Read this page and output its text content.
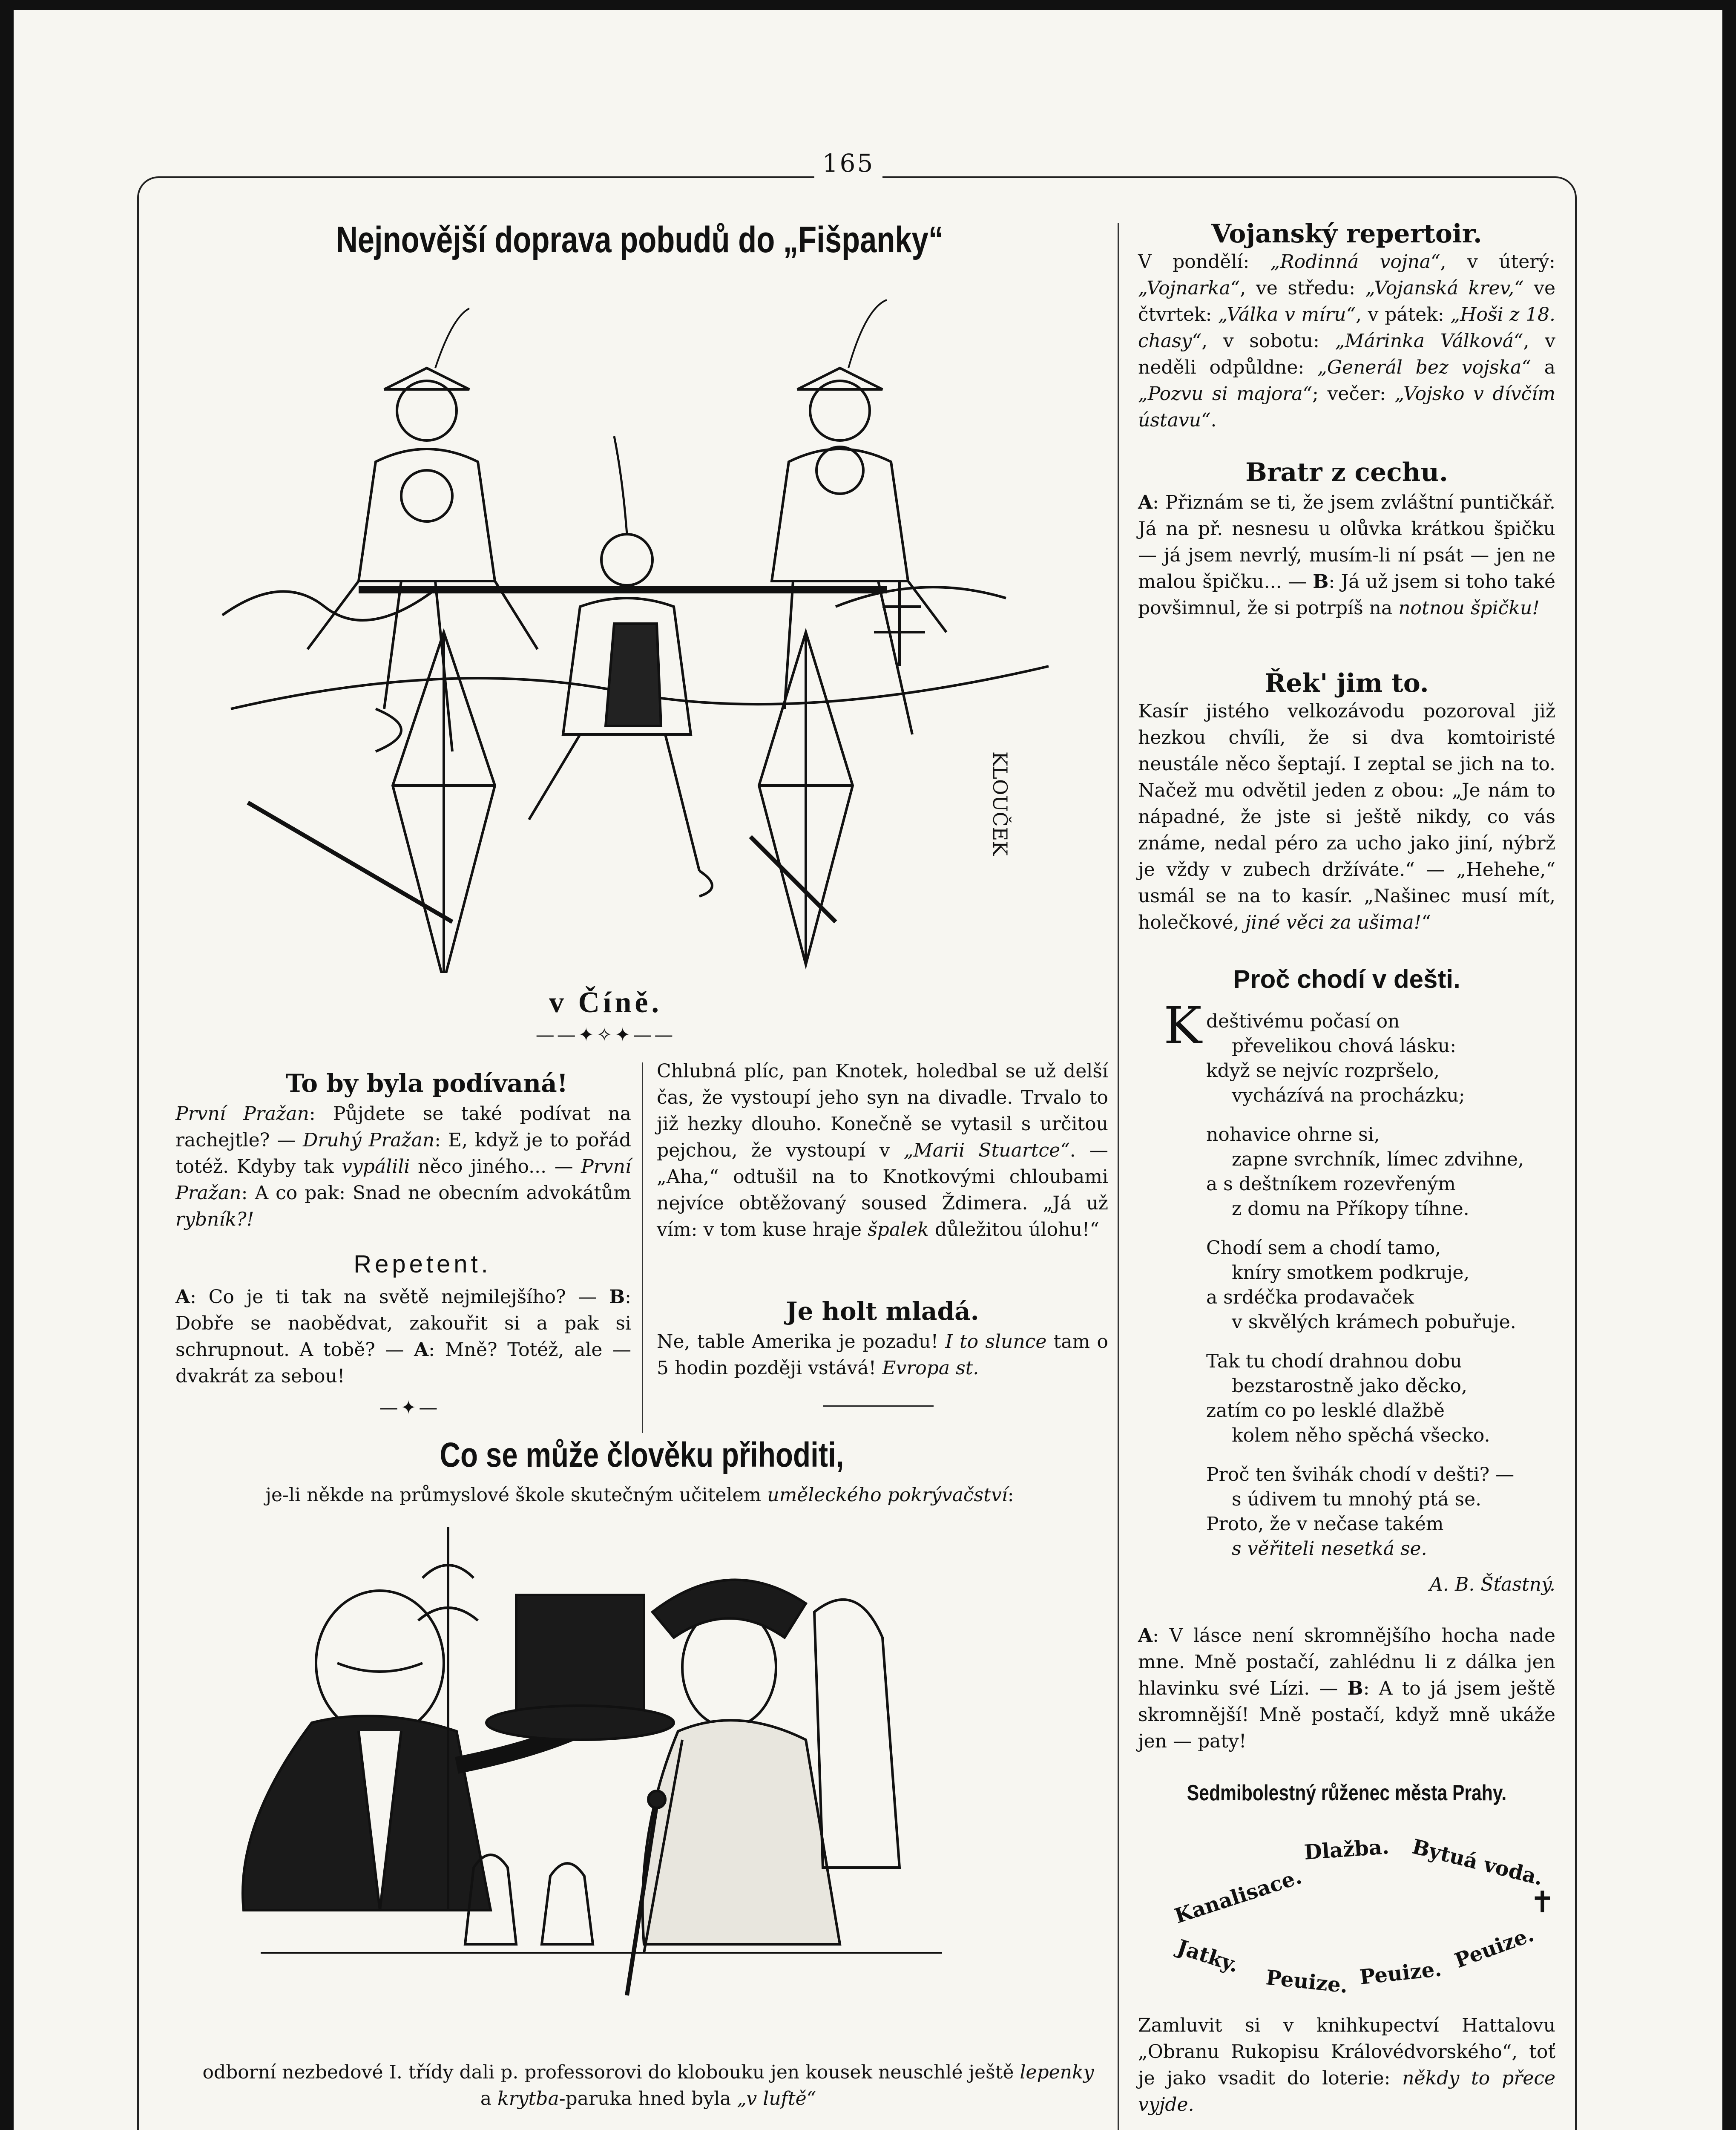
165
Nejnovější doprava pobudů do „Fišpanky“
KLOUČEK
v Číně.
——✦✧✦——
To by byla podívaná!
První Pražan: Půjdete se také podívat na rachejtle? — Druhý Pražan: E, když je to pořád totéž. Kdyby tak vypálili něco jiného... — První Pražan: A co pak: Snad ne obecním advokátům rybník?!
Repetent.
A: Co je ti tak na světě nejmilejšího? — B: Dobře se naobědvat, zakouřit si a pak si schrupnout. A tobě? — A: Mně? Totéž, ale — dvakrát za sebou!
—✦—
Chlubná plíc, pan Knotek, holedbal se už delší čas, že vystoupí jeho syn na divadle. Trvalo to již hezky dlouho. Konečně se vytasil s určitou pejchou, že vystoupí v „Marii Stuartce“. — „Aha,“ odtušil na to Knotkovými chloubami nejvíce obtěžovaný soused Ždimera. „Já už vím: v tom kuse hraje špalek důležitou úlohu!“
Je holt mladá.
Ne, table Amerika je pozadu! I to slunce tam o 5 hodin později vstává! Evropa st.
Co se může člověku přihoditi,
je-li někde na průmyslové škole skutečným učitelem uměleckého pokrývačství:
odborní nezbedové I. třídy dali p. professorovi do klobouku jen kousek neuschlé ještě lepenky a krytba-paruka hned byla „v luftě“
Vojanský repertoir.
V pondělí: „Rodinná vojna“, v úterý: „Vojnarka“, ve středu: „Vojanská krev,“ ve čtvrtek: „Válka v míru“, v pátek: „Hoši z 18. chasy“, v sobotu: „Márinka Válková“, v neděli odpůldne: „Generál bez vojska“ a „Pozvu si majora“; večer: „Vojsko v dívčím ústavu“.
Bratr z cechu.
A: Přiznám se ti, že jsem zvláštní puntičkář. Já na př. nesnesu u olůvka krátkou špičku — já jsem nevrlý, musím-li ní psát — jen ne malou špičku... — B: Já už jsem si toho také povšimnul, že si potrpíš na notnou špičku!
Řek' jim to.
Kasír jistého velkozávodu pozoroval již hezkou chvíli, že si dva komtoiristé neustále něco šeptají. I zeptal se jich na to. Načež mu odvětil jeden z obou: „Je nám to nápadné, že jste si ještě nikdy, co vás známe, nedal péro za ucho jako jiní, nýbrž je vždy v zubech držíváte.“ — „Hehehe,“ usmál se na to kasír. „Našinec musí mít, holečkové, jiné věci za ušima!“
Proč chodí v dešti.
K deštivému počasí on
převelikou chová lásku:
když se nejvíc rozpršelo,
vycházívá na procházku;
nohavice ohrne si,
zapne svrchník, límec zdvihne,
a s deštníkem rozevřeným
z domu na Příkopy tíhne.
Chodí sem a chodí tamo,
kníry smotkem podkruje,
a srdéčka prodavaček
v skvělých krámech pobuřuje.
Tak tu chodí drahnou dobu
bezstarostně jako děcko,
zatím co po lesklé dlažbě
kolem něho spěchá všecko.
Proč ten švihák chodí v dešti? —
s údivem tu mnohý ptá se.
Proto, že v nečase takém
s věřiteli nesetká se.
A. B. Šťastný.
A: V lásce není skromnějšího hocha nade mne. Mně postačí, zahlédnu li z dálka jen hlavinku své Lízi. — B: A to já jsem ještě skromnější! Mně postačí, když mně ukáže jen — paty!
Sedmibolestný růženec města Prahy.
Kanalisace.
Dlažba. Bytuá voda.
Jatky.
Peuize. Peuize.
Peuize.
✝
Zamluvit si v knihkupectví Hattalovu „Obranu Rukopisu Královédvorského“, toť je jako vsadit do loterie: někdy to přece vyjde.
